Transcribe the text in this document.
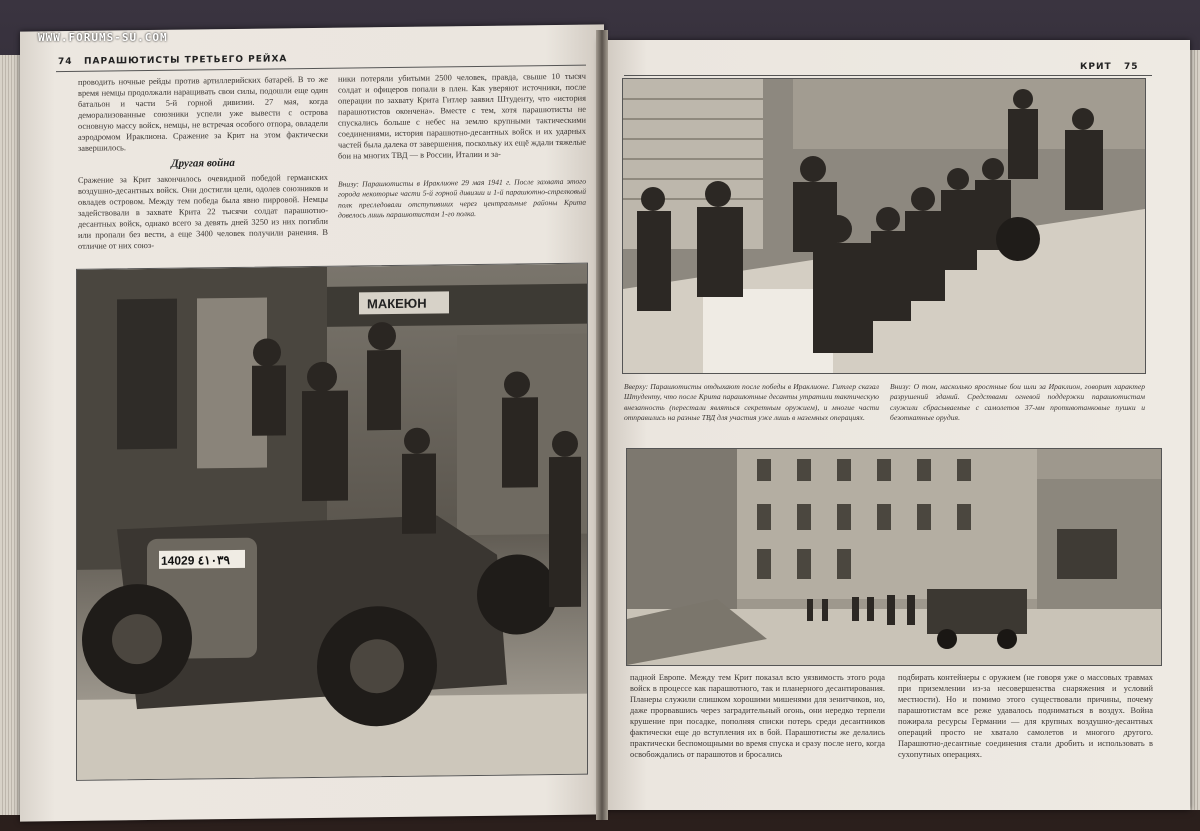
74 ПАРАШЮТИСТЫ ТРЕТЬЕГО РЕЙХА

проводить ночные рейды против артиллерийских батарей. В то же время немцы продолжали наращивать свои силы, подошли еще один батальон и части 5-й горной дивизии. 27 мая, когда деморализованные союзники успели уже вывести с острова основную массу войск, немцы, не встречая особого отпора, овладели аэродромом Ираклиона. Сражение за Крит на этом фактически завершилось.

Другая война

Сражение за Крит закончилось очевидной победой германских воздушно-десантных войск. Они достигли цели, одолев союзников и овладев островом. Между тем победа была явно пирровой. Немцы задействовали в захвате Крита 22 тысячи солдат парашютно-десантных войск, однако всего за девять дней 3250 из них погибли или пропали без вести, а еще 3400 человек получили ранения. В отличие от них союз-

ники потеряли убитыми 2500 человек, правда, свыше 10 тысяч солдат и офицеров попали в плен. Как уверяют источники, после операции по захвату Крита Гитлер заявил Штуденту, что «история парашютистов окончена». Вместе с тем, хотя парашютисты не спускались больше с небес на землю крупными тактическими соединениями, история парашютно-десантных войск и их ударных частей была далека от завершения, поскольку их ещё ждали тяжелые бои на многих ТВД — в России, Италии и за-

Внизу: Парашютисты в Ираклионе 29 мая 1941 г. После захвата этого города некоторые части 5-й горной дивизии и 1-й парашютно-стрелковый полк преследовали отступивших через центральные районы Крита довелось лишь парашютистам 1-го полка.
МАКЕЮН
14029 ٤١٠٣٩
КРИТ 75
Вверху: Парашютисты отдыхают после победы в Ираклионе. Гитлер сказал Штуденту, что после Крита парашютные десанты утратили тактическую внезапность (перестали являться секретным оружием), и многие части отправились на разные ТВД для участия уже лишь в наземных операциях.
Внизу: О том, насколько яростные бои шли за Ираклион, говорит характер разрушений зданий. Средствами огневой поддержки парашютистам служили сбрасываемые с самолетов 37-мм противотанковые пушки и безоткатные орудия.

падной Европе. Между тем Крит показал всю уязвимость этого рода войск в процессе как парашютного, так и планерного десантирования. Планеры служили слишком хорошими мишенями для зенитчиков, но, даже прорвавшись через заградительный огонь, они нередко терпели крушение при посадке, пополняя списки потерь среди десантников фактически еще до вступления их в бой. Парашютисты же делались практически беспомощными во время спуска и сразу после него, когда освобождались от парашютов и бросались

подбирать контейнеры с оружием (не говоря уже о массовых травмах при приземлении из-за несовершенства снаряжения и условий местности). Но и помимо этого существовали причины, почему парашютистам все реже удавалось подниматься в воздух. Война пожирала ресурсы Германии — для крупных воздушно-десантных операций просто не хватало самолетов и многого другого. Парашютно-десантные соединения стали дробить и использовать в сухопутных операциях.

WWW.FORUMS-SU.COM
